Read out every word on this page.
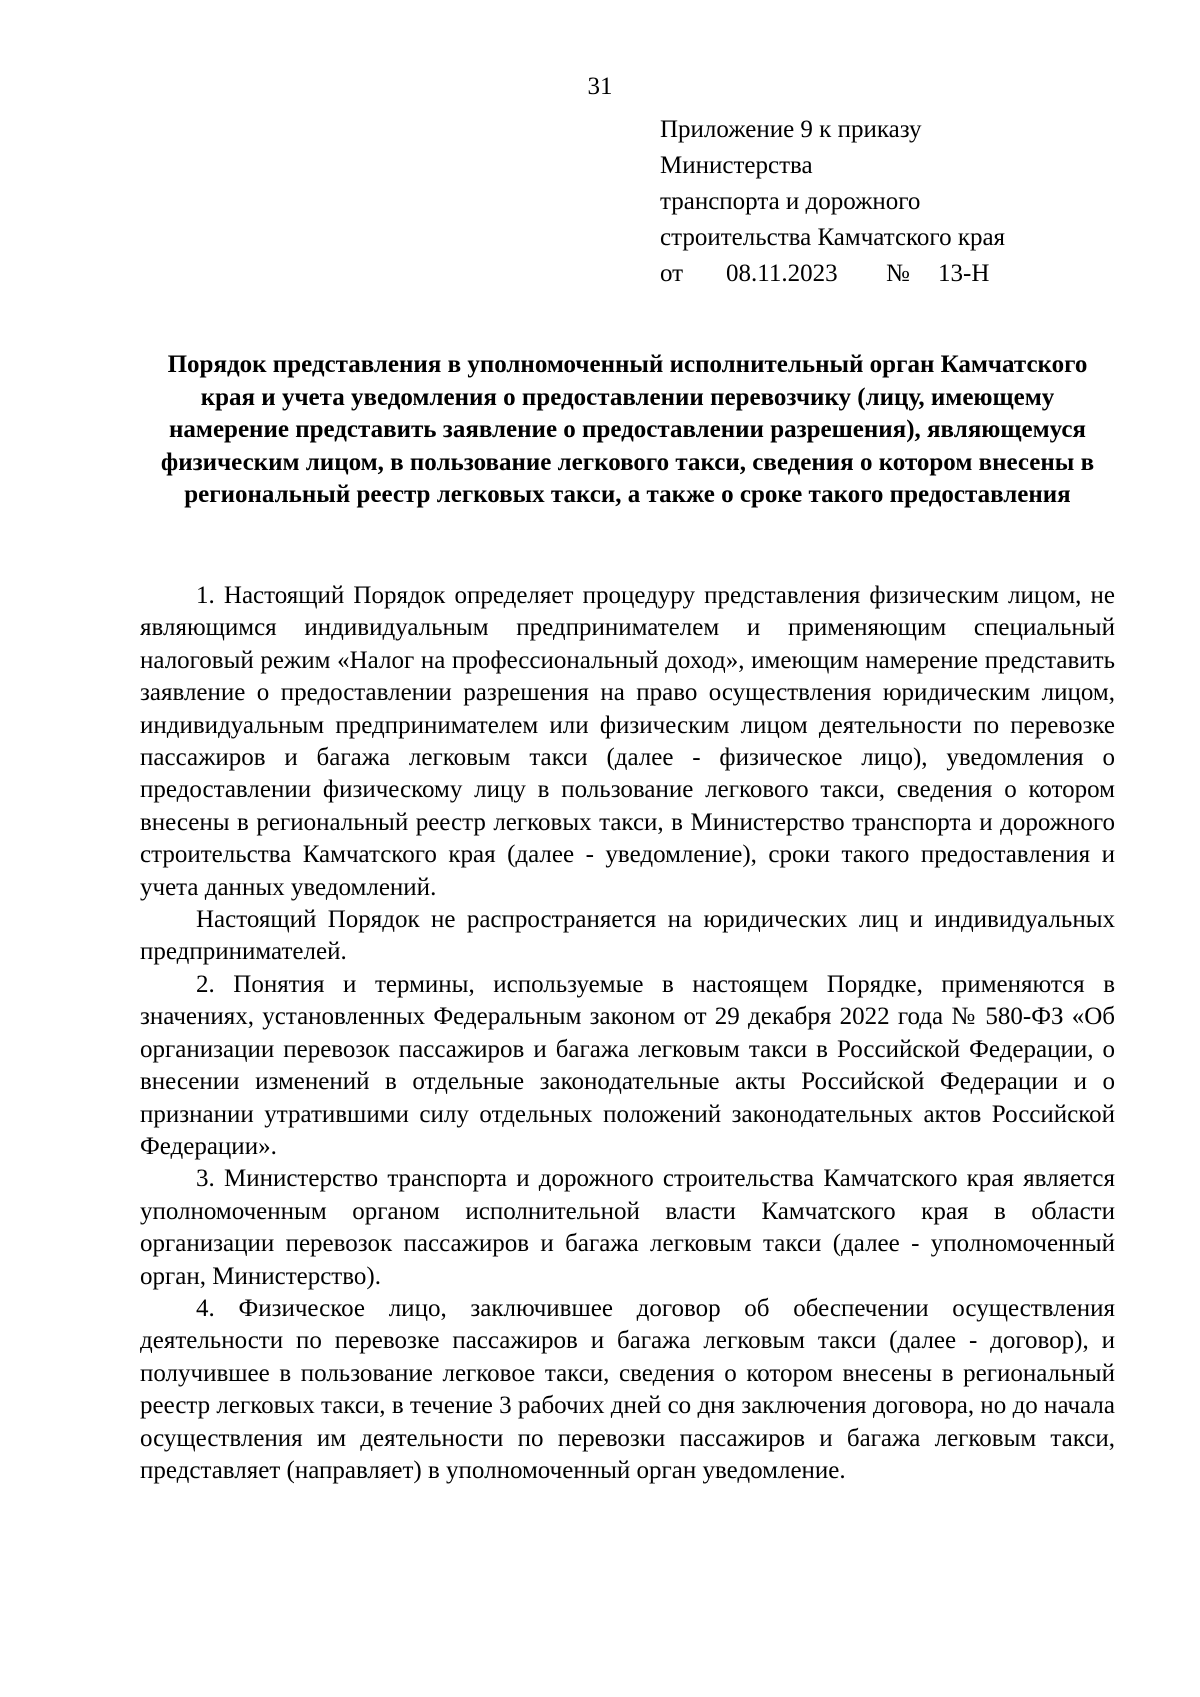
31
Приложение 9 к приказу
Министерства
транспорта и дорожного
строительства Камчатского края
от 08.11.2023 № 13-Н
Порядок представления в уполномоченный исполнительный орган Камчатского края и учета уведомления о предоставлении перевозчику (лицу, имеющему намерение представить заявление о предоставлении разрешения), являющемуся физическим лицом, в пользование легкового такси, сведения о котором внесены в региональный реестр легковых такси, а также о сроке такого предоставления

1. Настоящий Порядок определяет процедуру представления физическим лицом, не являющимся индивидуальным предпринимателем и применяющим специальный налоговый режим «Налог на профессиональный доход», имеющим намерение представить заявление о предоставлении разрешения на право осуществления юридическим лицом, индивидуальным предпринимателем или физическим лицом деятельности по перевозке пассажиров и багажа легковым такси (далее - физическое лицо), уведомления о предоставлении физическому лицу в пользование легкового такси, сведения о котором внесены в региональный реестр легковых такси, в Министерство транспорта и дорожного строительства Камчатского края (далее - уведомление), сроки такого предоставления и учета данных уведомлений.

Настоящий Порядок не распространяется на юридических лиц и индивидуальных предпринимателей.

2. Понятия и термины, используемые в настоящем Порядке, применяются в значениях, установленных Федеральным законом от 29 декабря 2022 года № 580-ФЗ «Об организации перевозок пассажиров и багажа легковым такси в Российской Федерации, о внесении изменений в отдельные законодательные акты Российской Федерации и о признании утратившими силу отдельных положений законодательных актов Российской Федерации».

3. Министерство транспорта и дорожного строительства Камчатского края является уполномоченным органом исполнительной власти Камчатского края в области организации перевозок пассажиров и багажа легковым такси (далее - уполномоченный орган, Министерство).

4. Физическое лицо, заключившее договор об обеспечении осуществления деятельности по перевозке пассажиров и багажа легковым такси (далее - договор), и получившее в пользование легковое такси, сведения о котором внесены в региональный реестр легковых такси, в течение 3 рабочих дней со дня заключения договора, но до начала осуществления им деятельности по перевозки пассажиров и багажа легковым такси, представляет (направляет) в уполномоченный орган уведомление.
